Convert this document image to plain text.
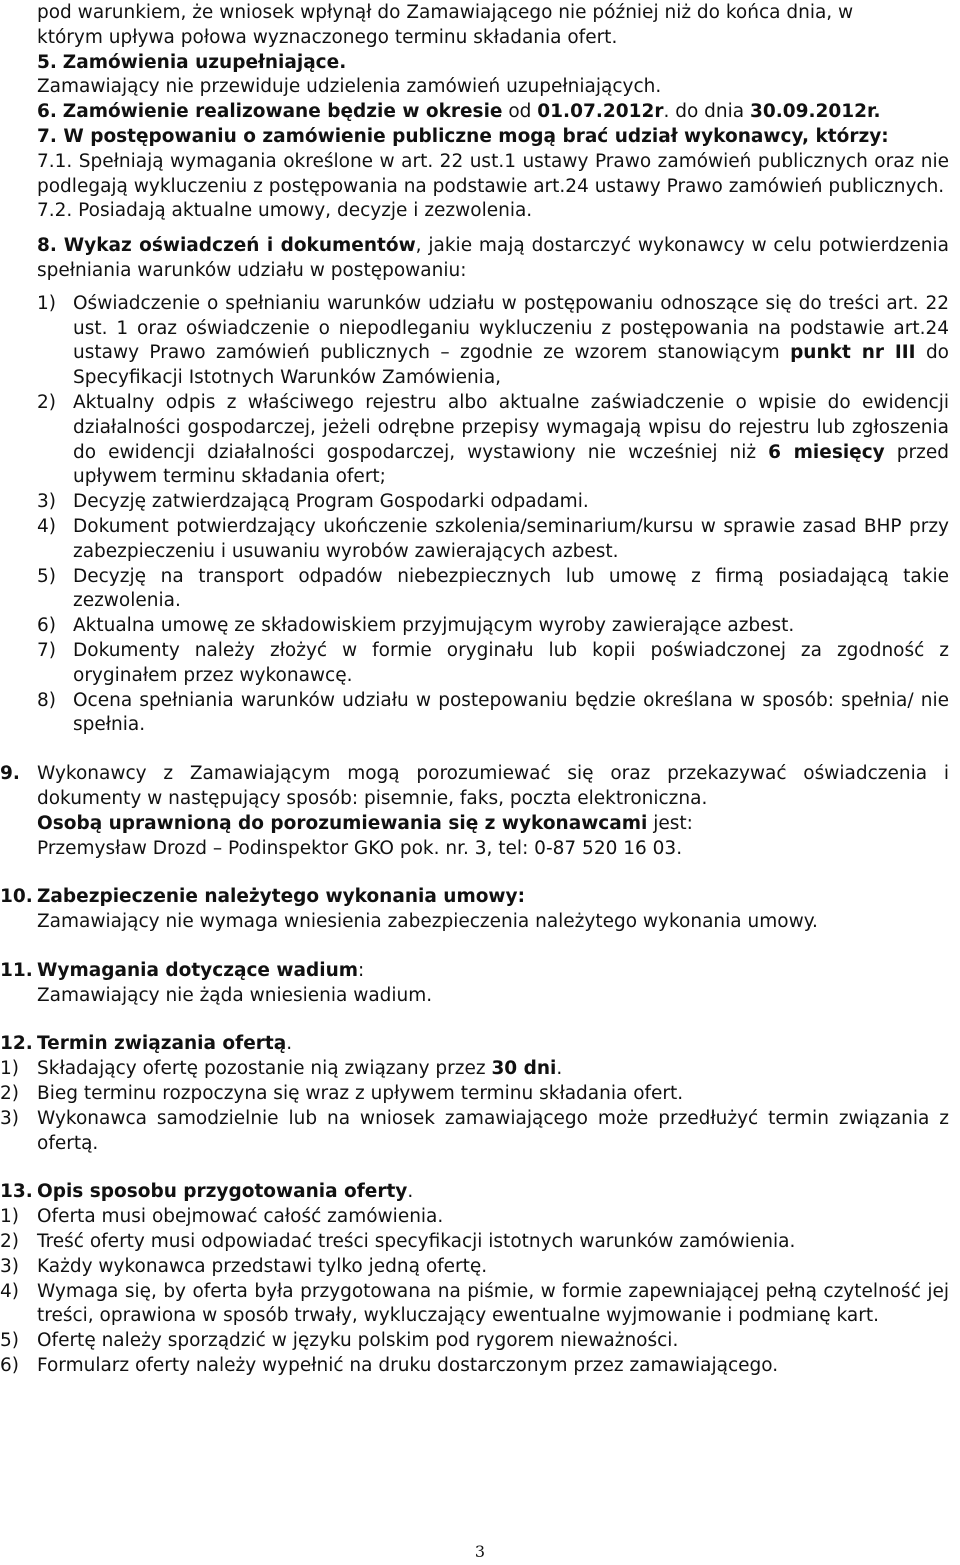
pod warunkiem, że wniosek wpłynął do Zamawiającego nie później niż do końca dnia, w

którym upływa połowa wyznaczonego terminu składania ofert.

5. Zamówienia uzupełniające.
Zamawiający nie przewiduje udzielenia zamówień uzupełniających.
6. Zamówienie realizowane będzie w okresie od 01.07.2012r. do dnia 30.09.2012r.
7. W postępowaniu o zamówienie publiczne mogą brać udział wykonawcy, którzy:
7.1. Spełniają wymagania określone w art. 22 ust.1 ustawy Prawo zamówień publicznych oraz nie podlegają wykluczeniu z postępowania na podstawie art.24 ustawy Prawo zamówień publicznych.
7.2. Posiadają aktualne umowy, decyzje i zezwolenia.
8. Wykaz oświadczeń i dokumentów, jakie mają dostarczyć wykonawcy w celu potwierdzenia spełniania warunków udziału w postępowaniu:
1) Oświadczenie o spełnianiu warunków udziału w postępowaniu odnoszące się do treści art. 22 ust. 1 oraz oświadczenie o niepodleganiu wykluczeniu z postępowania na podstawie art.24 ustawy Prawo zamówień publicznych – zgodnie ze wzorem stanowiącym punkt nr III do Specyfikacji Istotnych Warunków Zamówienia,
2) Aktualny odpis z właściwego rejestru albo aktualne zaświadczenie o wpisie do ewidencji działalności gospodarczej, jeżeli odrębne przepisy wymagają wpisu do rejestru lub zgłoszenia do ewidencji działalności gospodarczej, wystawiony nie wcześniej niż 6 miesięcy przed upływem terminu składania ofert;
3) Decyzję zatwierdzającą Program Gospodarki odpadami.
4) Dokument potwierdzający ukończenie szkolenia/seminarium/kursu w sprawie zasad BHP przy zabezpieczeniu i usuwaniu wyrobów zawierających azbest.
5) Decyzję na transport odpadów niebezpiecznych lub umowę z firmą posiadającą takie zezwolenia.
6) Aktualna umowę ze składowiskiem przyjmującym wyroby zawierające azbest.
7) Dokumenty należy złożyć w formie oryginału lub kopii poświadczonej za zgodność z oryginałem przez wykonawcę.
8) Ocena spełniania warunków udziału w postepowaniu będzie określana w sposób: spełnia/ nie spełnia.
9. Wykonawcy z Zamawiającym mogą porozumiewać się oraz przekazywać oświadczenia i dokumenty w następujący sposób: pisemnie, faks, poczta elektroniczna.
Osobą uprawnioną do porozumiewania się z wykonawcami jest:
Przemysław Drozd – Podinspektor GKO pok. nr. 3, tel: 0-87 520 16 03.
10. Zabezpieczenie należytego wykonania umowy:
Zamawiający nie wymaga wniesienia zabezpieczenia należytego wykonania umowy.
11. Wymagania dotyczące wadium:
Zamawiający nie żąda wniesienia wadium.
12. Termin związania ofertą.
1) Składający ofertę pozostanie nią związany przez 30 dni.
2) Bieg terminu rozpoczyna się wraz z upływem terminu składania ofert.
3) Wykonawca samodzielnie lub na wniosek zamawiającego może przedłużyć termin związania z ofertą.
13. Opis sposobu przygotowania oferty.
1) Oferta musi obejmować całość zamówienia.
2) Treść oferty musi odpowiadać treści specyfikacji istotnych warunków zamówienia.
3) Każdy wykonawca przedstawi tylko jedną ofertę.
4) Wymaga się, by oferta była przygotowana na piśmie, w formie zapewniającej pełną czytelność jej treści, oprawiona w sposób trwały, wykluczający ewentualne wyjmowanie i podmianę kart.
5) Ofertę należy sporządzić w języku polskim pod rygorem nieważności.
6) Formularz oferty należy wypełnić na druku dostarczonym przez zamawiającego.
3
